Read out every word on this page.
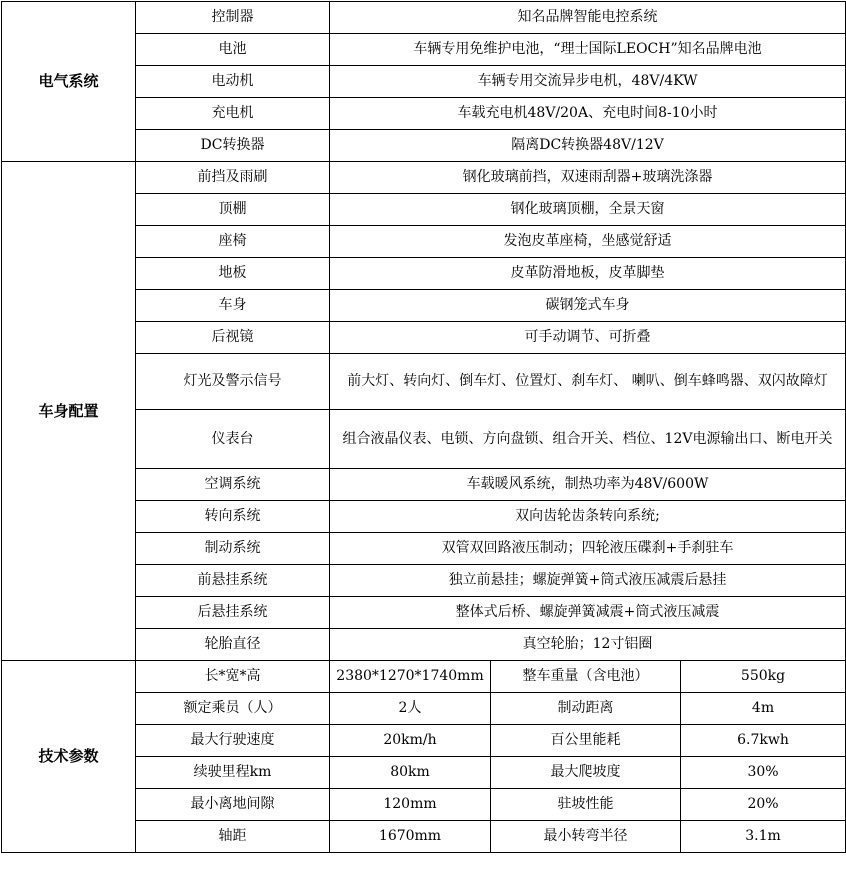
电气系统	控制器	知名品牌智能电控系统		
	电池	车辆专用免维护电池，“理士国际LEOCH”知名品牌电池		
	电动机	车辆专用交流异步电机，48V/4KW		
	充电机	车载充电机48V/20A、充电时间8-10小时		
	DC转换器	隔离DC转换器48V/12V		
车身配置	前挡及雨刷	钢化玻璃前挡，双速雨刮器+玻璃洗涤器		
	顶棚	钢化玻璃顶棚，全景天窗		
	座椅	发泡皮革座椅，坐感觉舒适		
	地板	皮革防滑地板，皮革脚垫		
	车身	碳钢笼式车身		
	后视镜	可手动调节、可折叠		
	灯光及警示信号	前大灯、转向灯、倒车灯、位置灯、刹车灯、 喇叭、倒车蜂鸣器、双闪故障灯		
	仪表台	组合液晶仪表、电锁、方向盘锁、组合开关、档位、12V电源输出口、断电开关		
	空调系统	车载暖风系统，制热功率为48V/600W		
	转向系统	双向齿轮齿条转向系统;		
	制动系统	双管双回路液压制动；四轮液压碟刹+手刹驻车		
	前悬挂系统	独立前悬挂；螺旋弹簧+筒式液压减震后悬挂		
	后悬挂系统	整体式后桥、螺旋弹簧减震+筒式液压减震		
	轮胎直径	真空轮胎；12寸铝圈		
技术参数	长*宽*高	2380*1270*1740mm	整车重量（含电池）	550kg
	额定乘员（人）	2人	制动距离	4m
	最大行驶速度	20km/h	百公里能耗	6.7kwh
	续驶里程km	80km	最大爬坡度	30%
	最小离地间隙	120mm	驻坡性能	20%
	轴距	1670mm	最小转弯半径	3.1m
